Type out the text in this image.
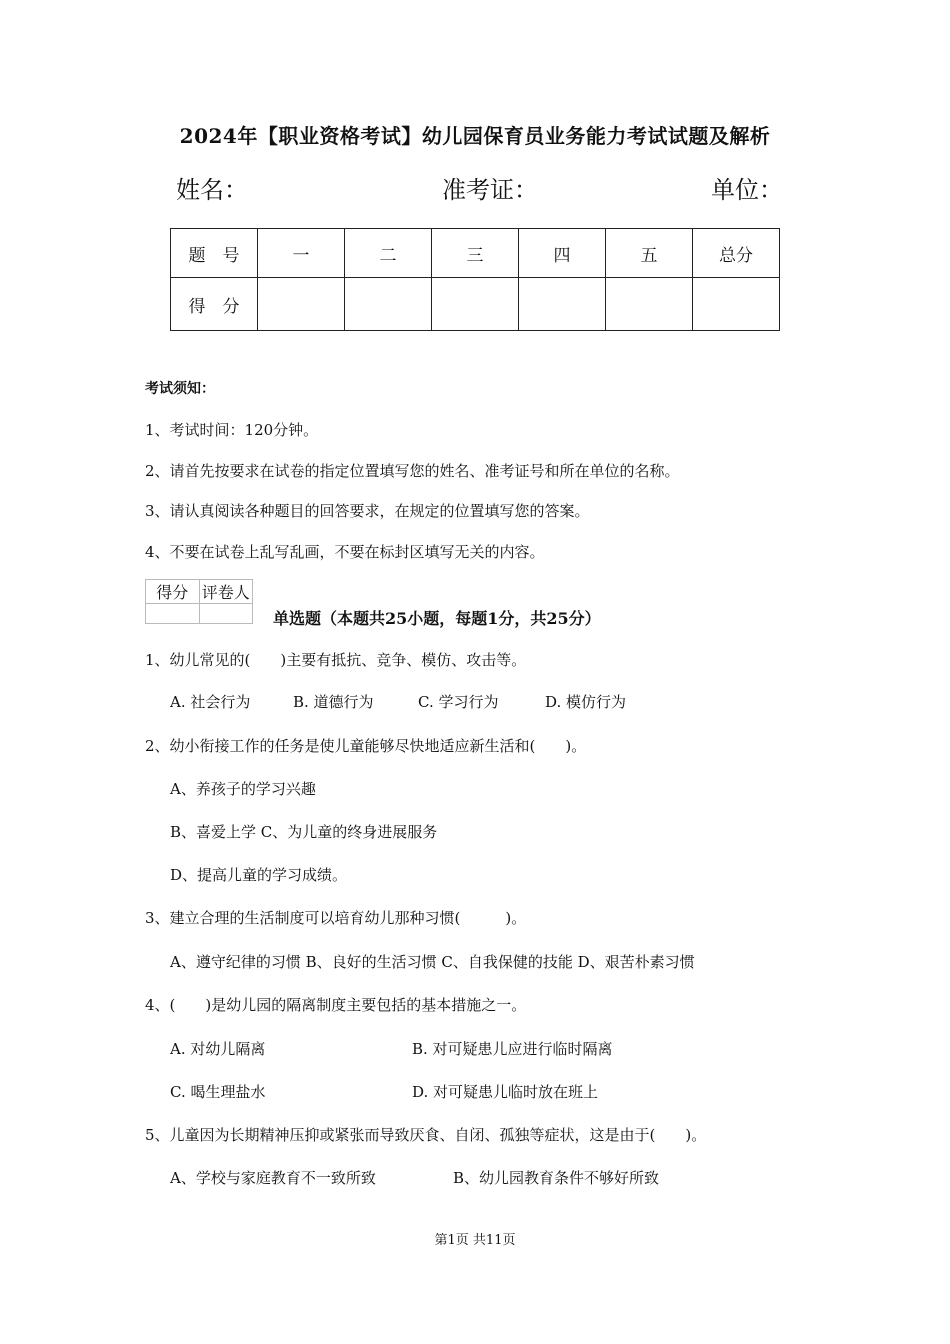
2024年【职业资格考试】幼儿园保育员业务能力考试试题及解析
姓名：	准考证：	单位：
题　号	一	二	三	四	五	总分
得　分						
考试须知：
1、考试时间：120分钟。
2、请首先按要求在试卷的指定位置填写您的姓名、准考证号和所在单位的名称。
3、请认真阅读各种题目的回答要求，在规定的位置填写您的答案。
4、不要在试卷上乱写乱画，不要在标封区填写无关的内容。
得分	评卷人

单选题（本题共25小题，每题1分，共25分）
1、幼儿常见的(　　)主要有抵抗、竞争、模仿、攻击等。
A. 社会行为	B. 道德行为	C. 学习行为	D. 模仿行为
2、幼小衔接工作的任务是使儿童能够尽快地适应新生活和(　　)。
A、养孩子的学习兴趣
B、喜爱上学 C、为儿童的终身进展服务
D、提高儿童的学习成绩。
3、建立合理的生活制度可以培育幼儿那种习惯(　　　)。
A、遵守纪律的习惯 B、良好的生活习惯 C、自我保健的技能 D、艰苦朴素习惯
4、(　　)是幼儿园的隔离制度主要包括的基本措施之一。
A. 对幼儿隔离	B. 对可疑患儿应进行临时隔离
C. 喝生理盐水	D. 对可疑患儿临时放在班上
5、儿童因为长期精神压抑或紧张而导致厌食、自闭、孤独等症状，这是由于(　　)。
A、学校与家庭教育不一致所致	B、幼儿园教育条件不够好所致
第1页 共11页
